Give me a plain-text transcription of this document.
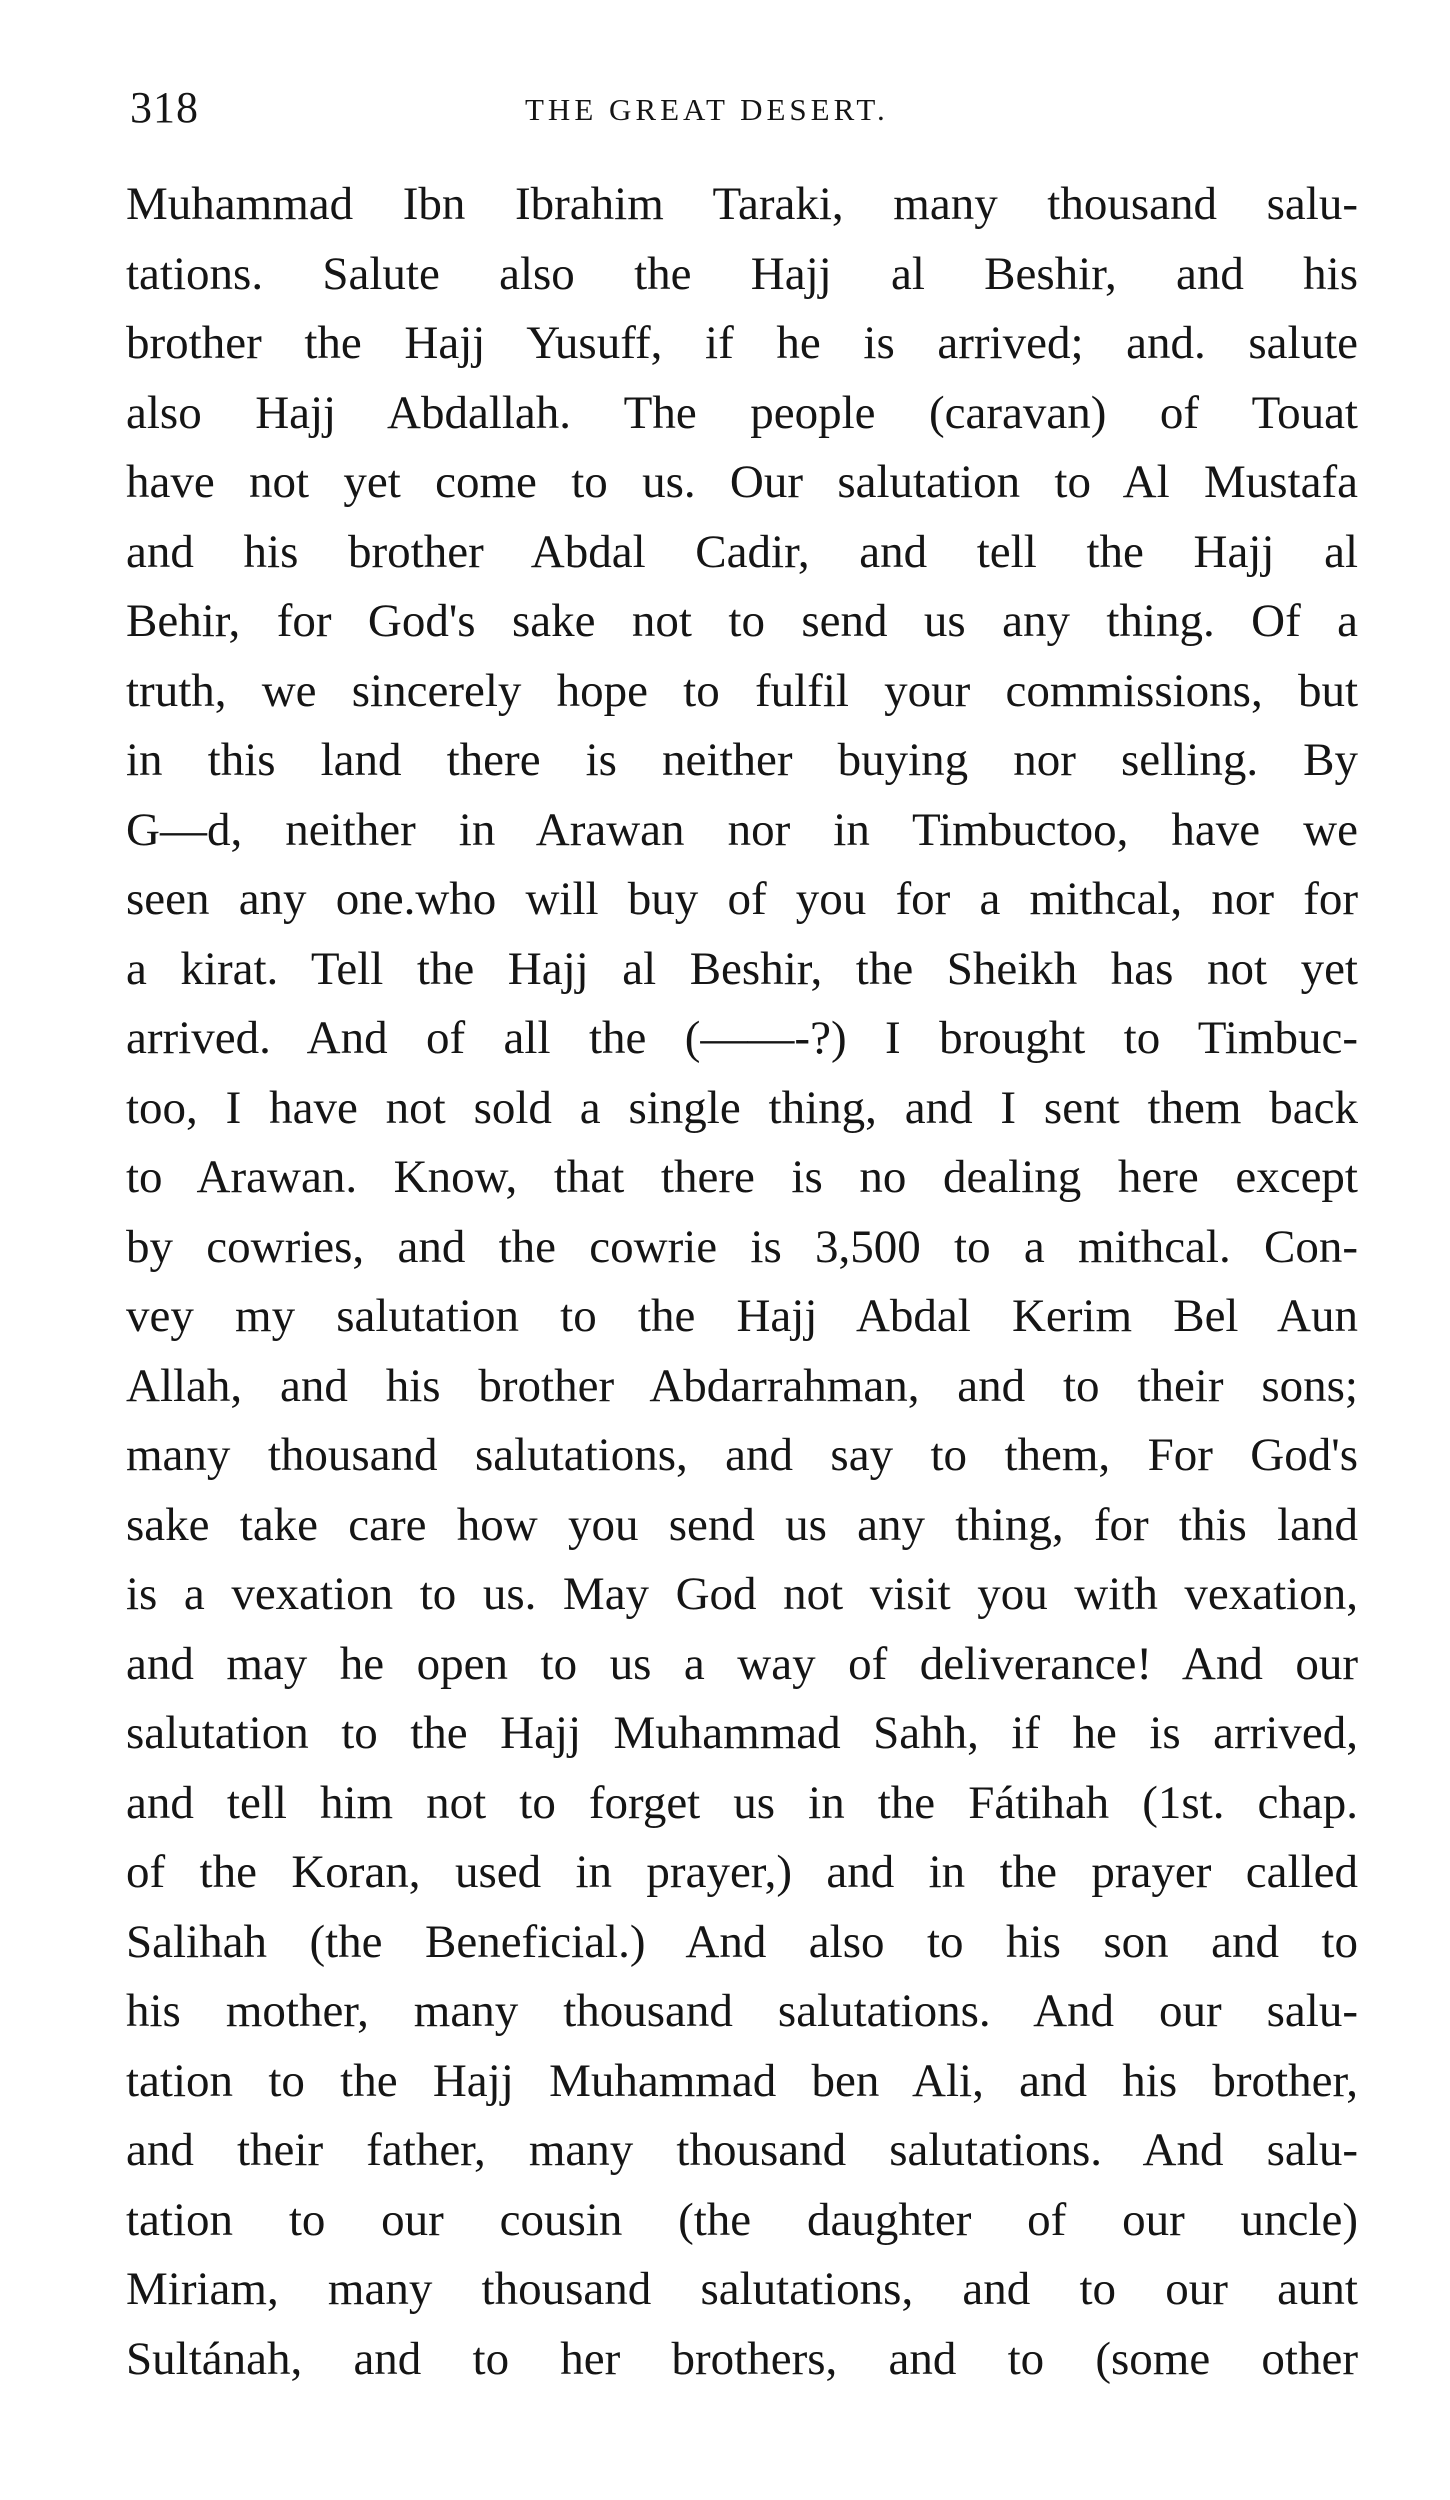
318	THE GREAT DESERT.
Muhammad Ibn Ibrahim Taraki, many thousand salu-
tations. Salute also the Hajj al Beshir, and his
brother the Hajj Yusuff, if he is arrived; and. salute
also Hajj Abdallah. The people (caravan) of Touat
have not yet come to us. Our salutation to Al Mustafa
and his brother Abdal Cadir, and tell the Hajj al
Behir, for God's sake not to send us any thing. Of a
truth, we sincerely hope to fulfil your commissions, but
in this land there is neither buying nor selling. By
G—d, neither in Arawan nor in Timbuctoo, have we
seen any one.who will buy of you for a mithcal, nor for
a kirat. Tell the Hajj al Beshir, the Sheikh has not yet
arrived. And of all the (——-?) I brought to Timbuc-
too, I have not sold a single thing, and I sent them back
to Arawan. Know, that there is no dealing here except
by cowries, and the cowrie is 3,500 to a mithcal. Con-
vey my salutation to the Hajj Abdal Kerim Bel Aun
Allah, and his brother Abdarrahman, and to their sons;
many thousand salutations, and say to them, For God's
sake take care how you send us any thing, for this land
is a vexation to us. May God not visit you with vexation,
and may he open to us a way of deliverance! And our
salutation to the Hajj Muhammad Sahh, if he is arrived,
and tell him not to forget us in the Fátihah (1st. chap.
of the Koran, used in prayer,) and in the prayer called
Salihah (the Beneficial.) And also to his son and to
his mother, many thousand salutations. And our salu-
tation to the Hajj Muhammad ben Ali, and his brother,
and their father, many thousand salutations. And salu-
tation to our cousin (the daughter of our uncle)
Miriam, many thousand salutations, and to our aunt
Sultánah, and to her brothers, and to (some other
